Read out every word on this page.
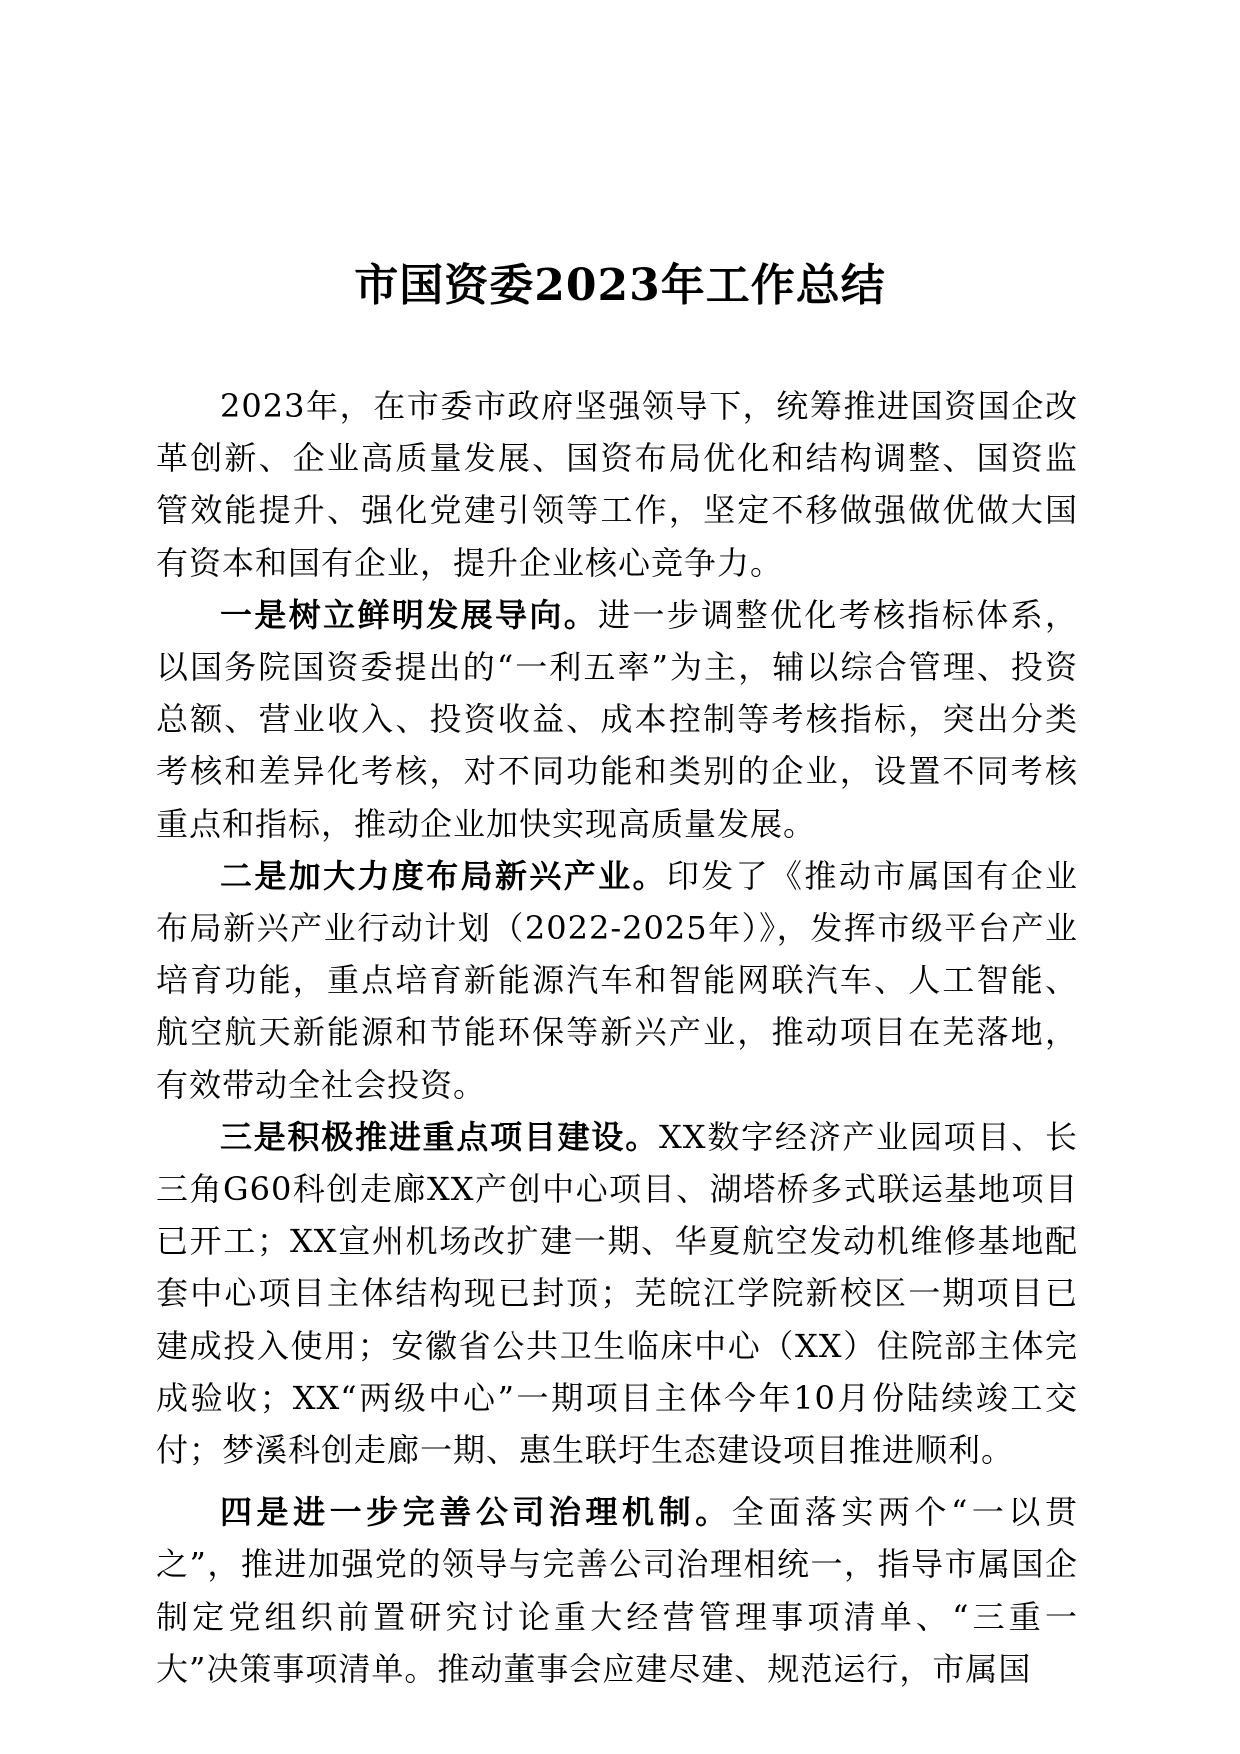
市国资委2023年工作总结

2023年，在市委市政府坚强领导下，统筹推进国资国企改革创新、企业高质量发展、国资布局优化和结构调整、国资监管效能提升、强化党建引领等工作，坚定不移做强做优做大国有资本和国有企业，提升企业核心竞争力。

一是树立鲜明发展导向。进一步调整优化考核指标体系，以国务院国资委提出的“一利五率”为主，辅以综合管理、投资总额、营业收入、投资收益、成本控制等考核指标，突出分类考核和差异化考核，对不同功能和类别的企业，设置不同考核重点和指标，推动企业加快实现高质量发展。

二是加大力度布局新兴产业。印发了《推动市属国有企业布局新兴产业行动计划（2022-2025年）》，发挥市级平台产业培育功能，重点培育新能源汽车和智能网联汽车、人工智能、航空航天新能源和节能环保等新兴产业，推动项目在芜落地，有效带动全社会投资。

三是积极推进重点项目建设。XX数字经济产业园项目、长三角G60科创走廊XX产创中心项目、湖塔桥多式联运基地项目已开工；XX宣州机场改扩建一期、华夏航空发动机维修基地配套中心项目主体结构现已封顶；芜皖江学院新校区一期项目已建成投入使用；安徽省公共卫生临床中心（XX）住院部主体完成验收；XX“两级中心”一期项目主体今年10月份陆续竣工交付；梦溪科创走廊一期、惠生联圩生态建设项目推进顺利。

四是进一步完善公司治理机制。全面落实两个“一以贯之”，推进加强党的领导与完善公司治理相统一，指导市属国企制定党组织前置研究讨论重大经营管理事项清单、“三重一大”决策事项清单。推动董事会应建尽建、规范运行，市属国
